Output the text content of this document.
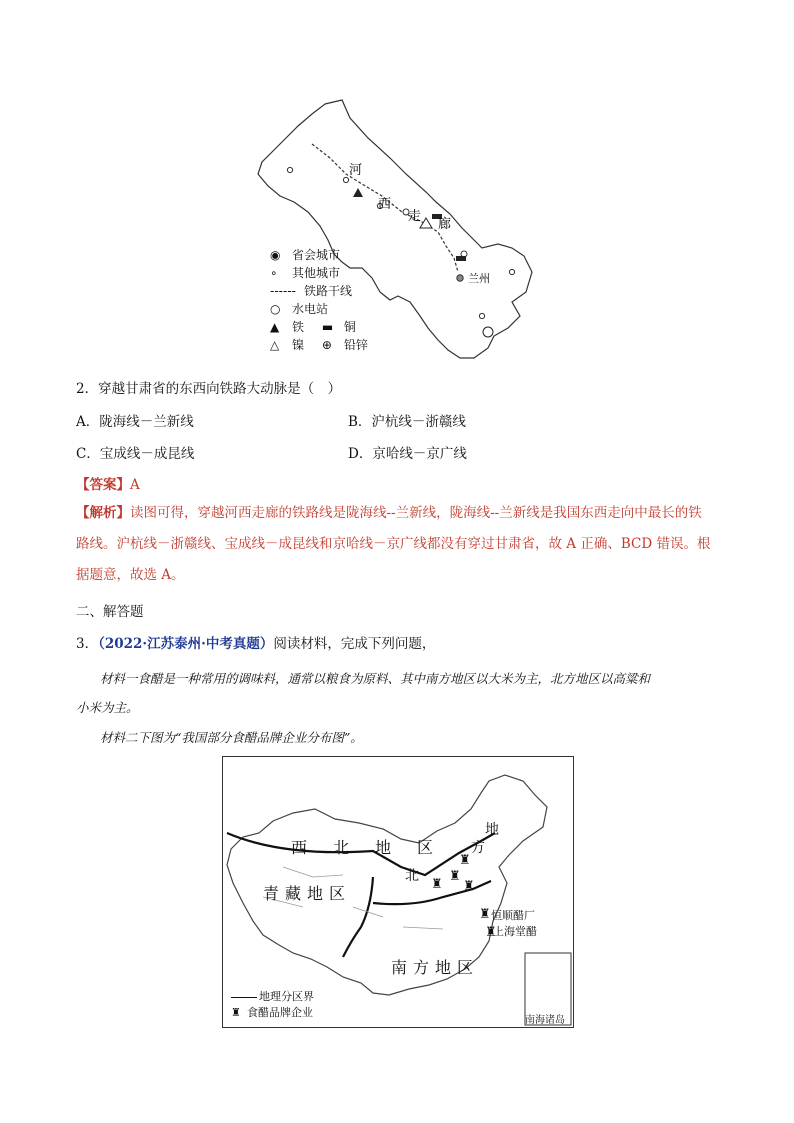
河
西
走
廊
兰州
◉ 省会城市
∘ 其他城市
------ 铁路干线
○ 水电站
▲ 铁 ▬ 铜
△ 镍 ⊕ 铅锌
2．穿越甘肃省的东西向铁路大动脉是（　）
A．陇海线－兰新线	B．沪杭线－浙赣线
C．宝成线－成昆线	D．京哈线－京广线
【答案】A
【解析】读图可得，穿越河西走廊的铁路线是陇海线--兰新线，陇海线--兰新线是我国东西走向中最长的铁
路线。沪杭线－浙赣线、宝成线－成昆线和京哈线－京广线都没有穿过甘肃省，故 A 正确、BCD 错误。根
据题意，故选 A。
二、解答题
3．（2022·江苏泰州·中考真题）阅读材料，完成下列问题，
材料一食醋是一种常用的调味料，通常以粮食为原料、其中南方地区以大米为主，北方地区以高粱和
小米为主。
材料二下图为“我国部分食醋品牌企业分布图”。
西 北 地 区
青 藏 地 区
南 方 地 区
北
方
地
♜
♜
♜
♜
♜
♜
恒顺醋厂
上海堂醋
地理分区界
♜ 食醋品牌企业
南海诸岛
